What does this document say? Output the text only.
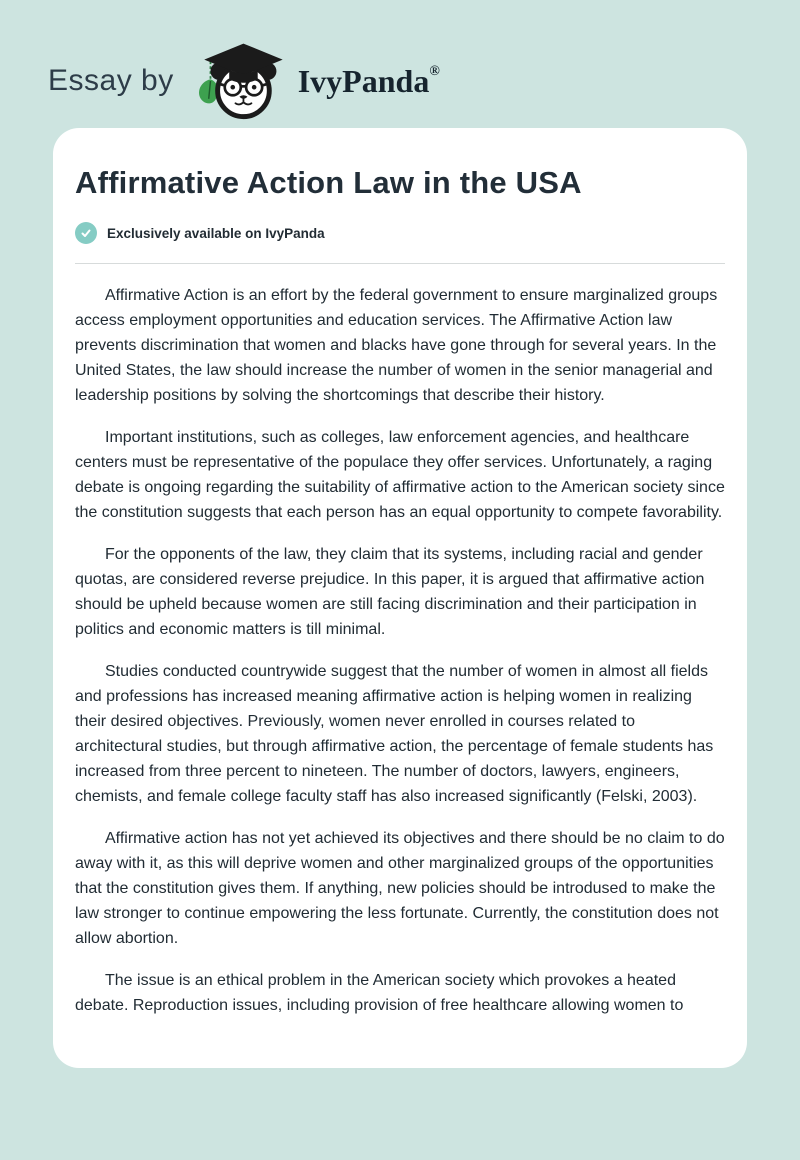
Essay by	IvyPanda®
Affirmative Action Law in the USA
Exclusively available on IvyPanda

Affirmative Action is an effort by the federal government to ensure marginalized groups access employment opportunities and education services. The Affirmative Action law prevents discrimination that women and blacks have gone through for several years. In the United States, the law should increase the number of women in the senior managerial and leadership positions by solving the shortcomings that describe their history.

Important institutions, such as colleges, law enforcement agencies, and healthcare centers must be representative of the populace they offer services. Unfortunately, a raging debate is ongoing regarding the suitability of affirmative action to the American society since the constitution suggests that each person has an equal opportunity to compete favorability.

For the opponents of the law, they claim that its systems, including racial and gender quotas, are considered reverse prejudice. In this paper, it is argued that affirmative action should be upheld because women are still facing discrimination and their participation in politics and economic matters is till minimal.

Studies conducted countrywide suggest that the number of women in almost all fields and professions has increased meaning affirmative action is helping women in realizing their desired objectives. Previously, women never enrolled in courses related to architectural studies, but through affirmative action, the percentage of female students has increased from three percent to nineteen. The number of doctors, lawyers, engineers, chemists, and female college faculty staff has also increased significantly (Felski, 2003).

Affirmative action has not yet achieved its objectives and there should be no claim to do away with it, as this will deprive women and other marginalized groups of the opportunities that the constitution gives them. If anything, new policies should be introdused to make the law stronger to continue empowering the less fortunate. Currently, the constitution does not allow abortion.

The issue is an ethical problem in the American society which provokes a heated debate. Reproduction issues, including provision of free healthcare allowing women to
